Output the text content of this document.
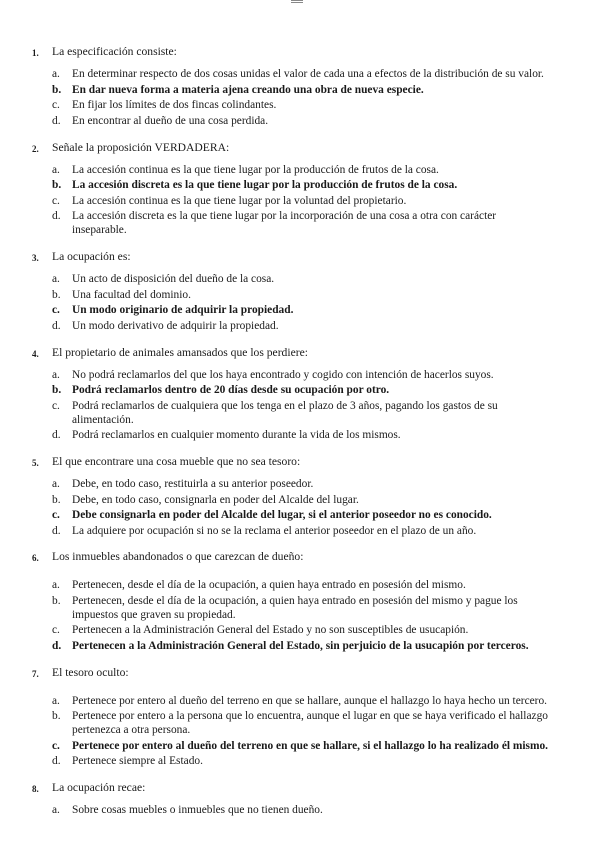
1.	La especificación consiste:
a.	En determinar respecto de dos cosas unidas el valor de cada una a efectos de la distribución de su valor.
b. En dar nueva forma a materia ajena creando una obra de nueva especie.
c.	En fijar los límites de dos fincas colindantes.
d.	En encontrar al dueño de una cosa perdida.
2.	Señale la proposición VERDADERA:
a.	La accesión continua es la que tiene lugar por la producción de frutos de la cosa.
b. La accesión discreta es la que tiene lugar por la producción de frutos de la cosa.
c.	La accesión continua es la que tiene lugar por la voluntad del propietario.
d.	La accesión discreta es la que tiene lugar por la incorporación de una cosa a otra con carácter inseparable.
3.	La ocupación es:
a.	Un acto de disposición del dueño de la cosa.
b.	Una facultad del dominio.
c.	Un modo originario de adquirir la propiedad.
d.	Un modo derivativo de adquirir la propiedad.
4.	El propietario de animales amansados que los perdiere:
a.	No podrá reclamarlos del que los haya encontrado y cogido con intención de hacerlos suyos.
b. Podrá reclamarlos dentro de 20 días desde su ocupación por otro.
c.	Podrá reclamarlos de cualquiera que los tenga en el plazo de 3 años, pagando los gastos de su alimentación.
d.	Podrá reclamarlos en cualquier momento durante la vida de los mismos.
5.	El que encontrare una cosa mueble que no sea tesoro:
a.	Debe, en todo caso, restituirla a su anterior poseedor.
b.	Debe, en todo caso, consignarla en poder del Alcalde del lugar.
c.	Debe consignarla en poder del Alcalde del lugar, si el anterior poseedor no es conocido.
d.	La adquiere por ocupación si no se la reclama el anterior poseedor en el plazo de un año.
6.	Los inmuebles abandonados o que carezcan de dueño:
a.	Pertenecen, desde el día de la ocupación, a quien haya entrado en posesión del mismo.
b.	Pertenecen, desde el día de la ocupación, a quien haya entrado en posesión del mismo y pague los impuestos que graven su propiedad.
c.	Pertenecen a la Administración General del Estado y no son susceptibles de usucapión.
d. Pertenecen a la Administración General del Estado, sin perjuicio de la usucapión por terceros.
7.	El tesoro oculto:
a.	Pertenece por entero al dueño del terreno en que se hallare, aunque el hallazgo lo haya hecho un tercero.
b.	Pertenece por entero a la persona que lo encuentra, aunque el lugar en que se haya verificado el hallazgo pertenezca a otra persona.
c.	Pertenece por entero al dueño del terreno en que se hallare, si el hallazgo lo ha realizado él mismo.
d.	Pertenece siempre al Estado.
8.	La ocupación recae:
a.	Sobre cosas muebles o inmuebles que no tienen dueño.
